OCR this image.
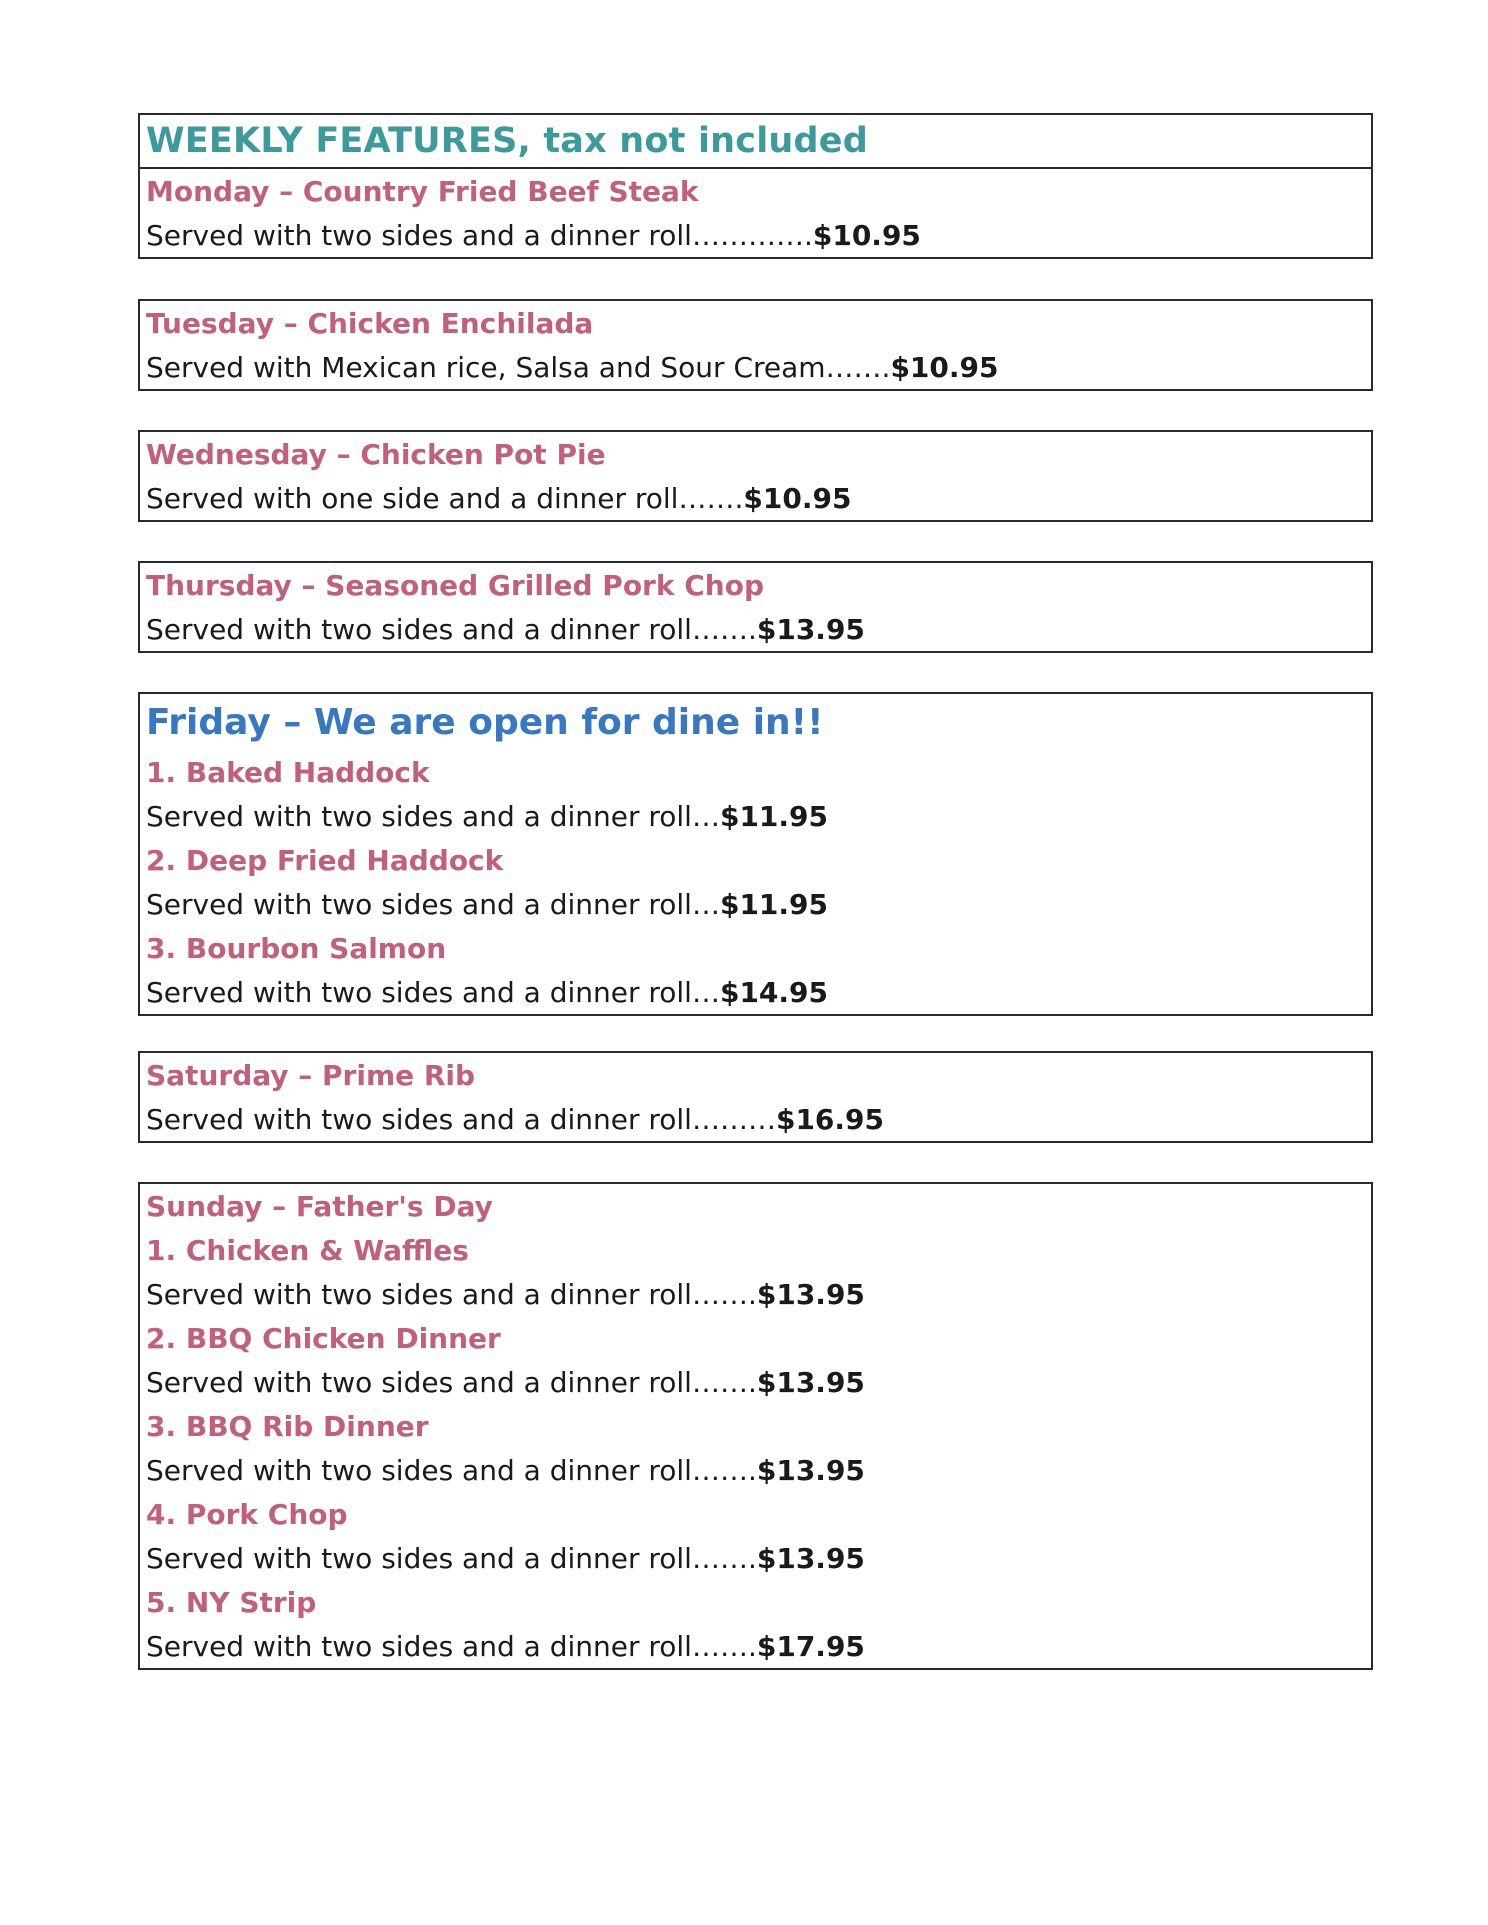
WEEKLY FEATURES, tax not included
Monday – Country Fried Beef Steak
Served with two sides and a dinner roll…………. $10.95
Tuesday – Chicken Enchilada
Served with Mexican rice, Salsa and Sour Cream……. $10.95
Wednesday – Chicken Pot Pie
Served with one side and a dinner roll……. $10.95
Thursday – Seasoned Grilled Pork Chop
Served with two sides and a dinner roll……. $13.95
Friday – We are open for dine in!!
1. Baked Haddock
Served with two sides and a dinner roll… $11.95
2. Deep Fried Haddock
Served with two sides and a dinner roll… $11.95
3. Bourbon Salmon
Served with two sides and a dinner roll… $14.95
Saturday – Prime Rib
Served with two sides and a dinner roll……… $16.95
Sunday – Father's Day
1. Chicken & Waffles
Served with two sides and a dinner roll……. $13.95
2. BBQ Chicken Dinner
Served with two sides and a dinner roll……. $13.95
3. BBQ Rib Dinner
Served with two sides and a dinner roll……. $13.95
4. Pork Chop
Served with two sides and a dinner roll……. $13.95
5. NY Strip
Served with two sides and a dinner roll……. $17.95
